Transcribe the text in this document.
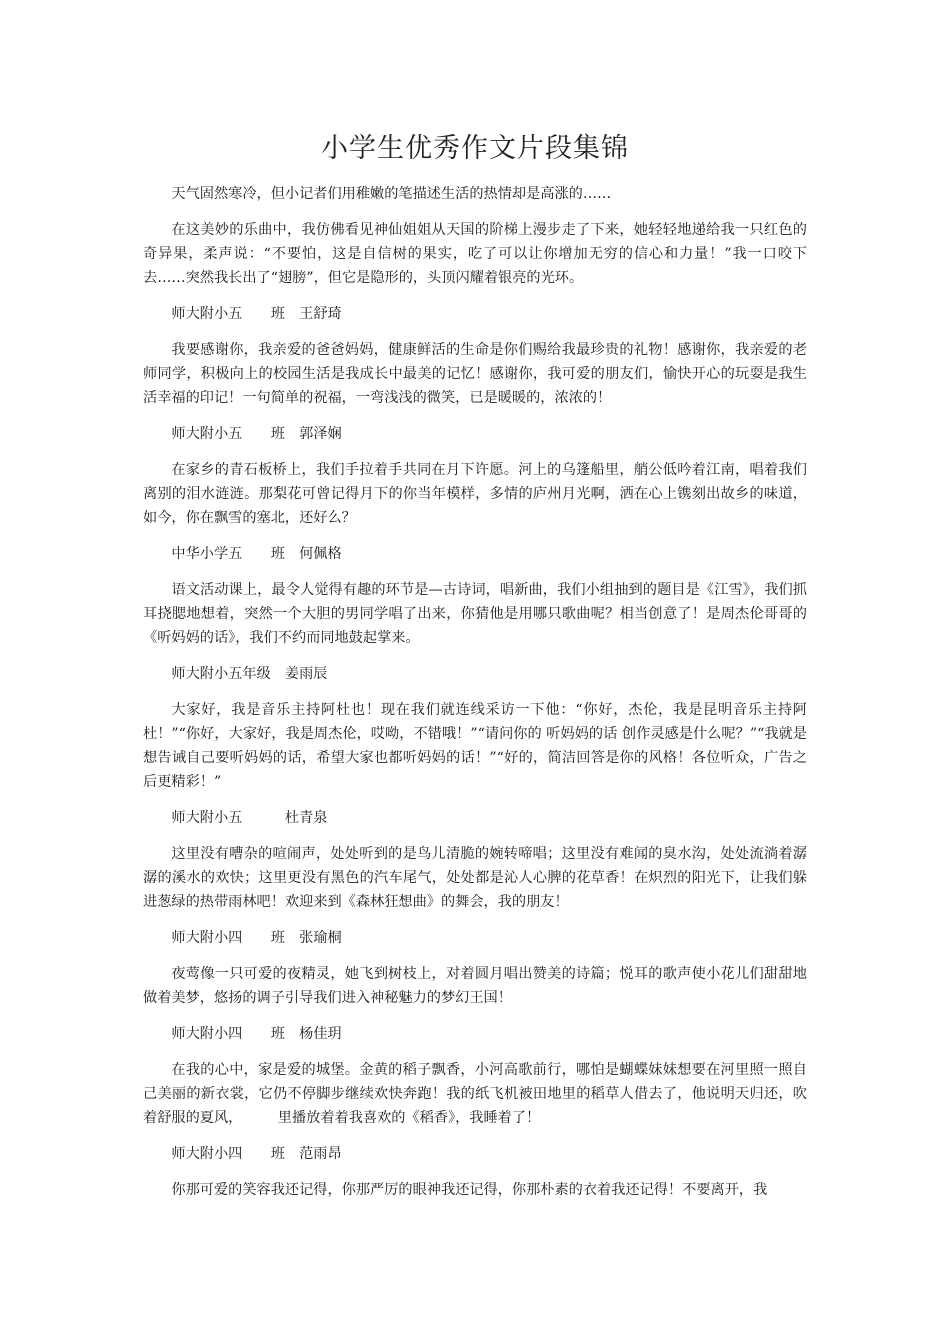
小学生优秀作文片段集锦

天气固然寒冷，但小记者们用稚嫩的笔描述生活的热情却是高涨的……

在这美妙的乐曲中，我仿佛看见神仙姐姐从天国的阶梯上漫步走了下来，她轻轻地递给我一只红色的奇异果，柔声说：“不要怕，这是自信树的果实，吃了可以让你增加无穷的信心和力量！”我一口咬下去……突然我长出了“翅膀”，但它是隐形的，头顶闪耀着银亮的光环。

师大附小五　　班　王舒琦

我要感谢你，我亲爱的爸爸妈妈，健康鲜活的生命是你们赐给我最珍贵的礼物！感谢你，我亲爱的老师同学，积极向上的校园生活是我成长中最美的记忆！感谢你，我可爱的朋友们，愉快开心的玩耍是我生活幸福的印记！一句简单的祝福，一弯浅浅的微笑，已是暖暖的，浓浓的！

师大附小五　　班　郭泽娴

在家乡的青石板桥上，我们手拉着手共同在月下许愿。河上的乌篷船里，艄公低吟着江南，唱着我们离别的泪水涟涟。那梨花可曾记得月下的你当年模样，多情的庐州月光啊，洒在心上镌刻出故乡的味道，如今，你在飘雪的塞北，还好么？

中华小学五　　班　何佩格

语文活动课上，最令人觉得有趣的环节是—古诗词，唱新曲，我们小组抽到的题目是《江雪》，我们抓耳挠腮地想着，突然一个大胆的男同学唱了出来，你猜他是用哪只歌曲呢？相当创意了！是周杰伦哥哥的《听妈妈的话》，我们不约而同地鼓起掌来。

师大附小五年级　姜雨辰

大家好，我是音乐主持阿杜也！现在我们就连线采访一下他：“你好，杰伦，我是昆明音乐主持阿杜！”“你好，大家好，我是周杰伦，哎呦，不错哦！”“请问你的 听妈妈的话 创作灵感是什么呢？”“我就是想告诫自己要听妈妈的话，希望大家也都听妈妈的话！”“好的，简洁回答是你的风格！各位听众，广告之后更精彩！”

师大附小五　　　杜青泉

这里没有嘈杂的喧闹声，处处听到的是鸟儿清脆的婉转啼唱；这里没有难闻的臭水沟，处处流淌着潺潺的溪水的欢快；这里更没有黑色的汽车尾气，处处都是沁人心脾的花草香！在炽烈的阳光下，让我们躲进葱绿的热带雨林吧！欢迎来到《森林狂想曲》的舞会，我的朋友！

师大附小四　　班　张瑜桐

夜莺像一只可爱的夜精灵，她飞到树枝上，对着圆月唱出赞美的诗篇；悦耳的歌声使小花儿们甜甜地做着美梦，悠扬的调子引导我们进入神秘魅力的梦幻王国！

师大附小四　　班　杨佳玥

在我的心中，家是爱的城堡。金黄的稻子飘香，小河高歌前行，哪怕是蝴蝶妹妹想要在河里照一照自己美丽的新衣裳，它仍不停脚步继续欢快奔跑！我的纸飞机被田地里的稻草人借去了，他说明天归还，吹着舒服的夏风，　　　里播放着着我喜欢的《稻香》，我睡着了！

师大附小四　　班　范雨昂

你那可爱的笑容我还记得，你那严厉的眼神我还记得，你那朴素的衣着我还记得！不要离开，我
